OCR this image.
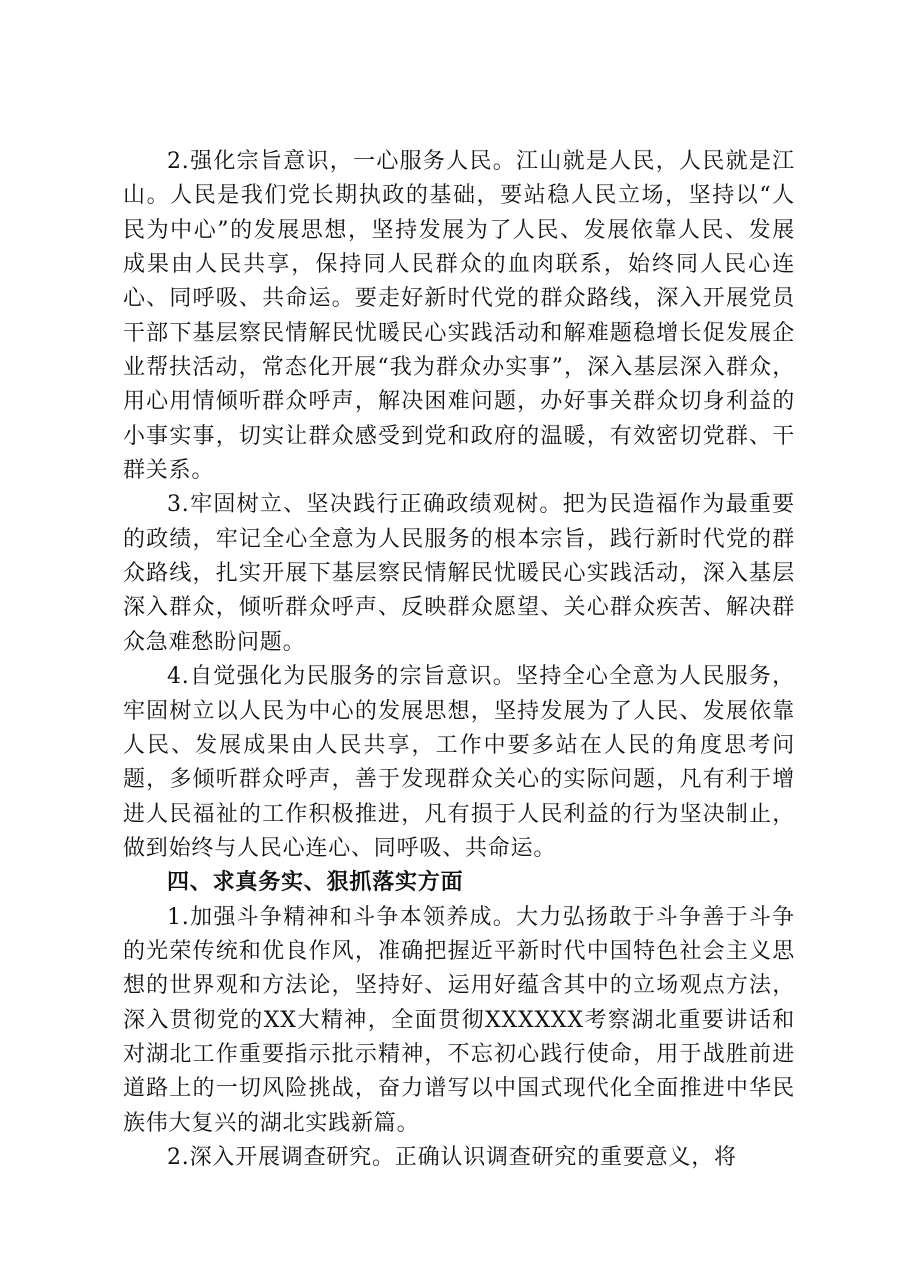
2.强化宗旨意识，一心服务人民。江山就是人民，人民就是江山。人民是我们党长期执政的基础，要站稳人民立场，坚持以“人民为中心”的发展思想，坚持发展为了人民、发展依靠人民、发展成果由人民共享，保持同人民群众的血肉联系，始终同人民心连心、同呼吸、共命运。要走好新时代党的群众路线，深入开展党员干部下基层察民情解民忧暖民心实践活动和解难题稳增长促发展企业帮扶活动，常态化开展“我为群众办实事”，深入基层深入群众，用心用情倾听群众呼声，解决困难问题，办好事关群众切身利益的小事实事，切实让群众感受到党和政府的温暖，有效密切党群、干群关系。

3.牢固树立、坚决践行正确政绩观树。把为民造福作为最重要的政绩，牢记全心全意为人民服务的根本宗旨，践行新时代党的群众路线，扎实开展下基层察民情解民忧暖民心实践活动，深入基层深入群众，倾听群众呼声、反映群众愿望、关心群众疾苦、解决群众急难愁盼问题。

4.自觉强化为民服务的宗旨意识。坚持全心全意为人民服务，牢固树立以人民为中心的发展思想，坚持发展为了人民、发展依靠人民、发展成果由人民共享，工作中要多站在人民的角度思考问题，多倾听群众呼声，善于发现群众关心的实际问题，凡有利于增进人民福祉的工作积极推进，凡有损于人民利益的行为坚决制止，做到始终与人民心连心、同呼吸、共命运。

四、求真务实、狠抓落实方面

1.加强斗争精神和斗争本领养成。大力弘扬敢于斗争善于斗争的光荣传统和优良作风，准确把握近平新时代中国特色社会主义思想的世界观和方法论，坚持好、运用好蕴含其中的立场观点方法，深入贯彻党的XX大精神，全面贯彻XXXXXX考察湖北重要讲话和对湖北工作重要指示批示精神，不忘初心践行使命，用于战胜前进道路上的一切风险挑战，奋力谱写以中国式现代化全面推进中华民族伟大复兴的湖北实践新篇。

2.深入开展调查研究。正确认识调查研究的重要意义，将
